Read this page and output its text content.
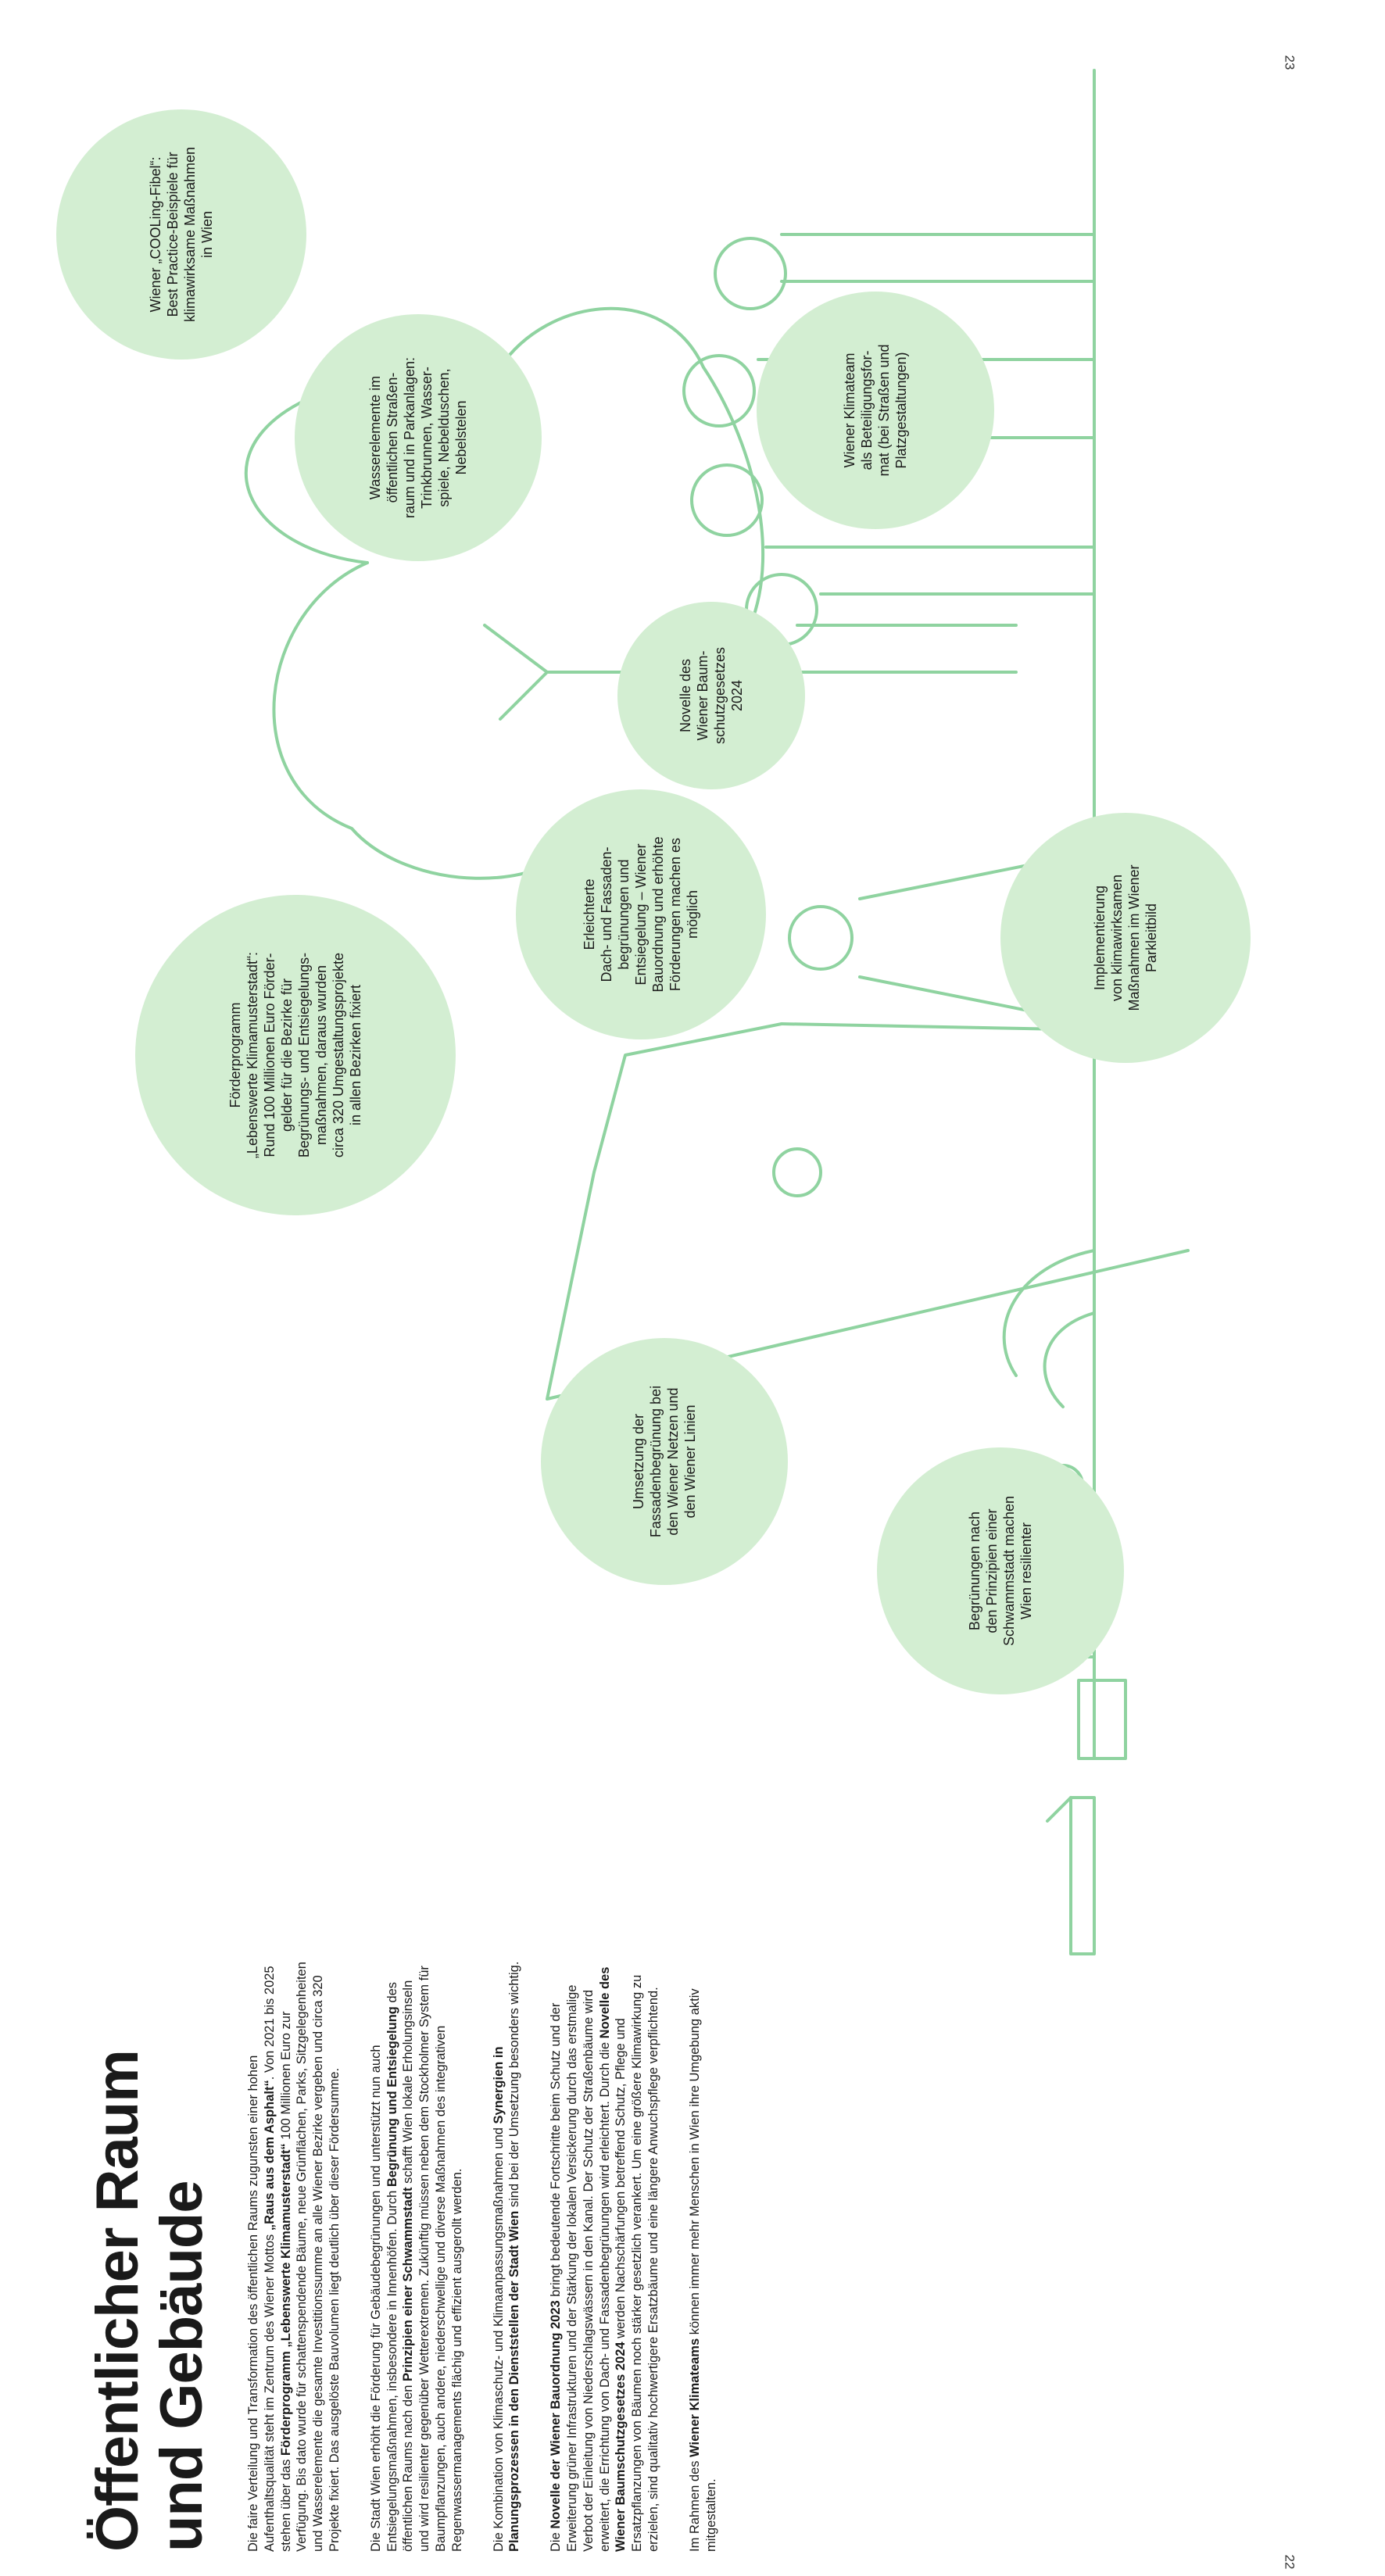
22
23
Wiener „COOLing-Fibel“: Best Practice-Beispiele für klimawirksame Maßnahmen in Wien
Wasserelemente im öffentlichen Straßen- raum und in Parkanlagen: Trinkbrunnen, Wasser- spiele, Nebelduschen, Nebelstelen	Wiener Klimateam als Beteiligungsfor- mat (bei Straßen und Platzgestaltungen)
Novelle des Wiener Baum- schutzgesetzes 2024
Förderprogramm „Lebenswerte Klimamusterstadt“: Rund 100 Millionen Euro Förder- gelder für die Bezirke für Begrünungs- und Entsiegelungs- maßnahmen, daraus wurden circa 320 Umgestaltungsprojekte in allen Bezirken fixiert
Erleichterte Dach- und Fassaden- begrünungen und Entsiegelung – Wiener Bauordnung und erhöhte Förderungen machen es möglich	Implementierung von klimawirksamen Maßnahmen im Wiener Parkleitbild
Umsetzung der Fassadenbegrünung bei den Wiener Netzen und den Wiener Linien
Begrünungen nach den Prinzipien einer Schwammstadt machen Wien resilienter
Öffentlicher Raum
und Gebäude Die faire Verteilung und Transformation des öffentlichen Raums zugunsten einer hohen Aufenthaltsqualität steht im Zentrum des Wiener Mottos „Raus aus dem Asphalt“. Von 2021 bis 2025 stehen über das Förderprogramm „Lebenswerte Klimamusterstadt“ 100 Millionen Euro zur Verfügung. Bis dato wurde für schattenspendende Bäume, neue Grünflächen, Parks, Sitzgelegenheiten und Wasserelemente die gesamte Investitionssumme an alle Wiener Bezirke vergeben und circa 320 Projekte fixiert. Das ausgelöste Bauvolumen liegt deutlich über dieser Fördersumme. Die Stadt Wien erhöht die Förderung für Gebäudebegrünungen und unterstützt nun auch Entsiegelungsmaßnahmen, insbesondere in Innenhöfen. Durch Begrünung und Entsiegelung des öffentlichen Raums nach den Prinzipien einer Schwammstadt schafft Wien lokale Erholungsinseln und wird resilienter gegenüber Wetterextremen. Zukünftig müssen neben dem Stockholmer System für Baumpflanzungen, auch andere, niederschwellige und diverse Maßnahmen des integrativen Regenwassermanagements flächig und effizient ausgerollt werden. Die Kombination von Klimaschutz- und Klimaanpassungsmaßnahmen und Synergien in Planungsprozessen in den Dienststellen der Stadt Wien sind bei der Umsetzung besonders wichtig.

Die Novelle der Wiener Bauordnung 2023 bringt bedeutende Fortschritte beim Schutz und der Erweiterung grüner Infrastrukturen und der Stärkung der lokalen Versickerung durch das erstmalige Verbot der Einleitung von Niederschlagswässern in den Kanal. Der Schutz der Straßenbäume wird erweitert, die Errichtung von Dach- und Fassadenbegrünungen wird erleichtert. Durch die Novelle des Wiener Baumschutzgesetzes 2024 werden Nachschärfungen betreffend Schutz, Pflege und Ersatzpflanzungen von Bäumen noch stärker gesetzlich verankert. Um eine größere Klimawirkung zu erzielen, sind qualitativ hochwertigere Ersatzbäume und eine längere Anwuchspflege verpflichtend. Im Rahmen des Wiener Klimateams können immer mehr Menschen in Wien ihre Umgebung aktiv mitgestalten.
